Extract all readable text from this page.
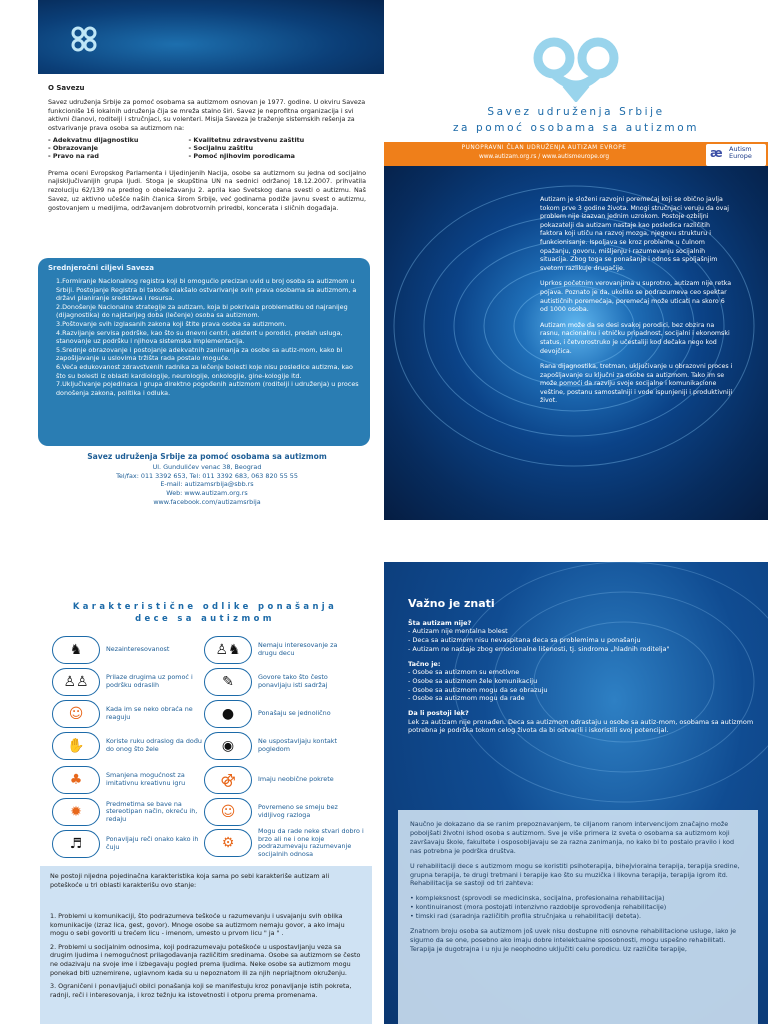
O Savezu

Savez udruženja Srbije za pomoć osobama sa autizmom osnovan je 1977. godine. U okviru Saveza funkcioniše 16 lokalnih udruženja čija se mreža stalno širi. Savez je neprofitna organizacija i svi aktivni članovi, roditelji i stručnjaci, su volenteri. Misija Saveza je traženje sistemskih rešenja za ostvarivanje prava osoba sa autizmom na:

- Adekvatnu dijagnostiku
- Obrazovanje
- Pravo na rad
- Kvalitetnu zdravstvenu zaštitu
- Socijalnu zaštitu
- Pomoć njihovim porodicama

Prema oceni Evropskog Parlamenta i Ujedinjenih Nacija, osobe sa autizmom su jedna od socijalno najisključivanijih grupa ljudi. Stoga je skupština UN na sednici održanoj 18.12.2007. prihvatila rezoluciju 62/139 na predlog o obeležavanju 2. aprila kao Svetskog dana svesti o autizmu. Naš Savez, uz aktivno učešće naših članica širom Srbije, već godinama podiže javnu svest o autizmu, gostovanjem u medijima, održavanjem dobrotvornih priredbi, koncerata i sličnih događaja.

Srednjeročni ciljevi Saveza
1.Formiranje Nacionalnog registra koji bi omogućio precizan uvid u broj osoba sa autizmom u Srbiji. Postojanje Registra bi takođe olakšalo ostvarivanje svih prava osobama sa autizmom, a državi planiranje sredstava i resursa.
2.Donošenje Nacionalne strategije za autizam, koja bi pokrivala problematiku od najranijeg (dijagnostika) do najstarijeg doba (lečenje) osoba sa autizmom.
3.Poštovanje svih izglasanih zakona koji štite prava osoba sa autizmom.
4.Razvijanje servisa podrške, kao što su dnevni centri, asistent u porodici, predah usluga, stanovanje uz podršku i njihova sistemska implementacija.
5.Srednje obrazovanje i postojanje adekvatnih zanimanja za osobe sa autiz-mom, kako bi zapošljavanje u uslovima tržišta rada postalo moguće.
6.Veća edukovanost zdravstvenih radnika za lečenje bolesti koje nisu posledice autizma, kao što su bolesti iz oblasti kardiologije, neurologije, onkologije, gine-kologije itd.
7.Uključivanje pojedinaca i grupa direktno pogođenih autizmom (roditelji i udruženja) u proces donošenja zakona, politika i odluka.
Savez udruženja Srbije za pomoć osobama sa autizmom
Ul. Gundulićev venac 38, Beograd
Tel/fax: 011 3392 653, Tel: 011 3392 683, 063 820 55 55
E-mail: autizamsrbija@sbb.rs
Web: www.autizam.org.rs
www.facebook.com/autizamsrbija
Savez udruženja Srbije
za pomoć osobama sa autizmom
PUNOPRAVNI ČLAN UDRUŽENJA AUTIZAM EVROPE
www.autizam.org.rs / www.autismeurope.org	æ Autism
Europe

Autizam je složeni razvojni poremećaj koji se obično javlja tokom prve 3 godine života. Mnogi stručnjaci veruju da ovaj problem nije izazvan jednim uzrokom. Postoje ozbiljni pokazatelji da autizam nastaje kao posledica različitih faktora koji utiču na razvoj mozga, njegovu strukturu i funkcionisanje. Ispoljava se kroz probleme u čulnom opažanju, govoru, mišljenju i razumevanju socijalnih situacija. Zbog toga se ponašanje i odnos sa spoljašnjim svetom razlikuje drugačije.

Uprkos početnim verovanjima u suprotno, autizam nije retka pojava. Poznato je da, ukoliko se podrazumeva ceo spektar autističnih poremećaja, poremećaj može uticati na skoro 6 od 1000 osoba.

Autizam može da se desi svakoj porodici, bez obzira na rasnu, nacionalnu i etničku pripadnost, socijalni i ekonomski status, i četvorostruko je učestaliji kod dečaka nego kod devojčica.

Rana dijagnostika, tretman, uključivanje u obrazovni proces i zapošljavanje su ključni za osobe sa autizmom. Tako im se može pomoći da razviju svoje socijalne i komunikacione veštine, postanu samostalniji i vode ispunjeniji i produktivniji život.

Karakteristične odlike ponašanja
dece sa autizmom
♞	Nezainteresovanost
♙♙	Prilaze drugima uz pomoć i podršku odraslih
☺	Kada im se neko obraća ne reaguju
✋	Koriste ruku odraslog da dođu do onog što žele
♣	Smanjena mogućnost za imitativnu kreativnu igru
✹
Predmetima se bave na stereotipan način, okreću ih, redaju
♬	Ponavljaju reči onako kako ih čuju
♙♞	Nemaju interesovanje za drugu decu
✎	Govore tako što često ponavljaju isti sadržaj
●	Ponašaju se jednolično
◉	Ne uspostavljaju kontakt pogledom
⚣	Imaju neobične pokrete
☺	Povremeno se smeju bez vidljivog razloga
⚙
Mogu da rade neke stvari dobro i brzo ali ne i one koje podrazumevaju razumevanje socijalnih odnosa
Ne postoji nijedna pojedinačna karakteristika koja sama po sebi karakteriše autizam ali poteškoće u tri oblasti karakterišu ovo stanje:

1. Problemi u komunikaciji, što podrazumeva teškoće u razumevanju i usvajanju svih oblika komunikacije (izraz lica, gest, govor). Mnoge osobe sa autizmom nemaju govor, a ako imaju mogu o sebi govoriti u trećem licu - imenom, umesto u prvom licu " ja " .

2. Problemi u socijalnim odnosima, koji podrazumevaju poteškoće u uspostavljanju veza sa drugim ljudima i nemogućnost prilagođavanja različitim sredinama. Osobe sa autizmom se često ne odazivaju na svoje ime i izbegavaju pogled prema ljudima. Neke osobe sa autizmom mogu ponekad biti uznemirene, uglavnom kada su u nepoznatom ili za njih nepriajtnom okruženju.

3. Ograničeni i ponavljajući obilci ponašanja koji se manifestuju kroz ponavljanje istih pokreta, radnji, reči i interesovanja, i kroz težnju ka istovetnosti i otporu prema promenama.

Važno je znati
Šta autizam nije?
- Autizam nije mentalna bolest
- Deca sa autizmom nisu nevaspitana deca sa problemima u ponašanju
- Autizam ne nastaje zbog emocionalne lišenosti, tj. sindroma „hladnih roditelja"
Tačno je:
- Osobe sa autizmom su emotivne
- Osobe sa autizmom žele komunikaciju
- Osobe sa autizmom mogu da se obrazuju
- Osobe sa autizmom mogu da rade
Da li postoji lek?

Lek za autizam nije pronađen. Deca sa autizmom odrastaju u osobe sa autiz-mom, osobama sa autizmom potrebna je podrška tokom celog života da bi ostvarili i iskoristili svoj potencijal.

Naučno je dokazano da se ranim prepoznavanjem, te ciljanom ranom intervencijom značajno može poboljšati životni ishod osoba s autizmom. Sve je više primera iz sveta o osobama sa autizmom koji završavaju škole, fakultete i osposobljavaju se za razna zanimanja, no kako bi to postalo pravilo i kod nas potrebna je podrška društva.

U rehabilitaciji dece s autizmom mogu se koristiti psihoterapija, bihejvioralna terapija, terapija sredine, grupna terapija, te drugi tretmani i terapije kao što su muzička i likovna terapija, terapija igrom itd. Rehabilitacija se sastoji od tri zahteva:

• kompleksnost (sprovodi se medicinska, socijalna, profesionalna rehabilitacija)
• kontinuiranost (mora postojati intenzivno razdoblje sprovođenja rehabilitacije)
• timski rad (saradnja različitih profila stručnjaka u rehabilitaciji deteta).

Znatnom broju osoba sa autizmom još uvek nisu dostupne niti osnovne rehabilitacione usluge, iako je sigurno da se one, posebno ako imaju dobre intelektualne sposobnosti, mogu uspešno rehabilitati. Terapija je dugotrajna i u nju je neophodno uključiti celu porodicu. Uz različite terapije,
